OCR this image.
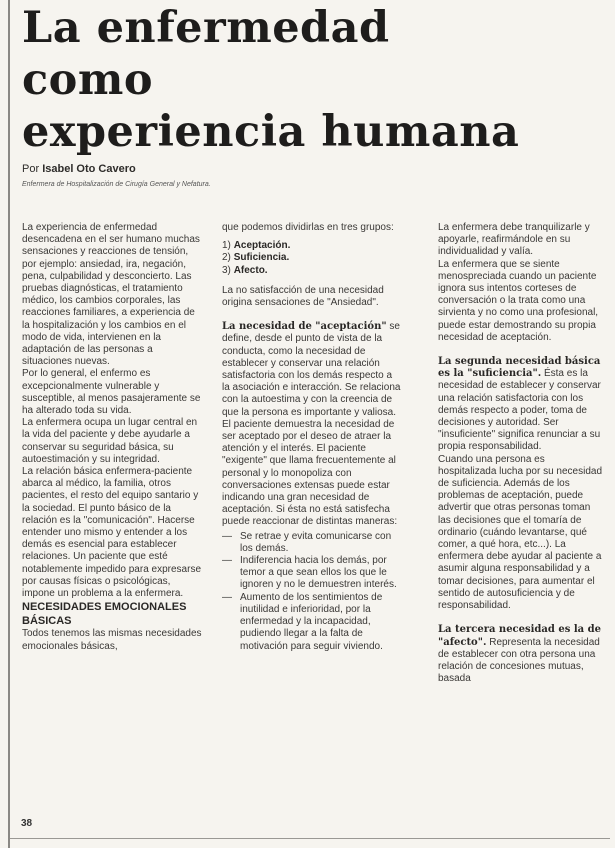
La enfermedad
como
experiencia humana
Por Isabel Oto Cavero
Enfermera de Hospitalización de Cirugía General y Nefatura.

La experiencia de enfermedad desencadena en el ser humano muchas sensaciones y reacciones de tensión, por ejemplo: ansiedad, ira, negación, pena, culpabilidad y desconcierto. Las pruebas diagnósticas, el tratamiento médico, los cambios corporales, las reacciones familiares, a experiencia de la hospitalización y los cambios en el modo de vida, intervienen en la adaptación de las personas a situaciones nuevas.

Por lo general, el enfermo es excepcionalmente vulnerable y susceptible, al menos pasajeramente se ha alterado toda su vida.

La enfermera ocupa un lugar central en la vida del paciente y debe ayudarle a conservar su seguridad básica, su autoestimación y su integridad.

La relación básica enfermera-paciente abarca al médico, la familia, otros pacientes, el resto del equipo santario y la sociedad. El punto básico de la relación es la "comunicación". Hacerse entender uno mismo y entender a los demás es esencial para establecer relaciones. Un paciente que esté notablemente impedido para expresarse por causas físicas o psicológicas, impone un problema a la enfermera.

NECESIDADES EMOCIONALES BÁSICAS

Todos tenemos las mismas necesidades emocionales básicas,

que podemos dividirlas en tres grupos:

1) Aceptación.
2) Suficiencia.
3) Afecto.

La no satisfacción de una necesidad origina sensaciones de "Ansiedad".

La necesidad de "aceptación" se define, desde el punto de vista de la conducta, como la necesidad de establecer y conservar una relación satisfactoria con los demás respecto a la asociación e interacción. Se relaciona con la autoestima y con la creencia de que la persona es importante y valiosa.

El paciente demuestra la necesidad de ser aceptado por el deseo de atraer la atención y el interés. El paciente "exigente" que llama frecuentemente al personal y lo monopoliza con conversaciones extensas puede estar indicando una gran necesidad de aceptación. Si ésta no está satisfecha puede reaccionar de distintas maneras:

— Se retrae y evita comunicarse con los demás.
— Indiferencia hacia los demás, por temor a que sean ellos los que le ignoren y no le demuestren interés.
— Aumento de los sentimientos de inutilidad e inferioridad, por la enfermedad y la incapacidad, pudiendo llegar a la falta de motivación para seguir viviendo.

La enfermera debe tranquilizarle y apoyarle, reafirmándole en su individualidad y valía.

La enfermera que se siente menospreciada cuando un paciente ignora sus intentos corteses de conversación o la trata como una sirvienta y no como una profesional, puede estar demostrando su propia necesidad de aceptación.

La segunda necesidad básica es la "suficiencia". Ésta es la necesidad de establecer y conservar una relación satisfactoria con los demás respecto a poder, toma de decisiones y autoridad. Ser "insuficiente" significa renunciar a su propia responsabilidad.

Cuando una persona es hospitalizada lucha por su necesidad de suficiencia. Además de los problemas de aceptación, puede advertir que otras personas toman las decisiones que el tomaría de ordinario (cuándo levantarse, qué comer, a qué hora, etc...). La enfermera debe ayudar al paciente a asumir alguna responsabilidad y a tomar decisiones, para aumentar el sentido de autosuficiencia y de responsabilidad.

La tercera necesidad es la de "afecto". Representa la necesidad de establecer con otra persona una relación de concesiones mutuas, basada

38
